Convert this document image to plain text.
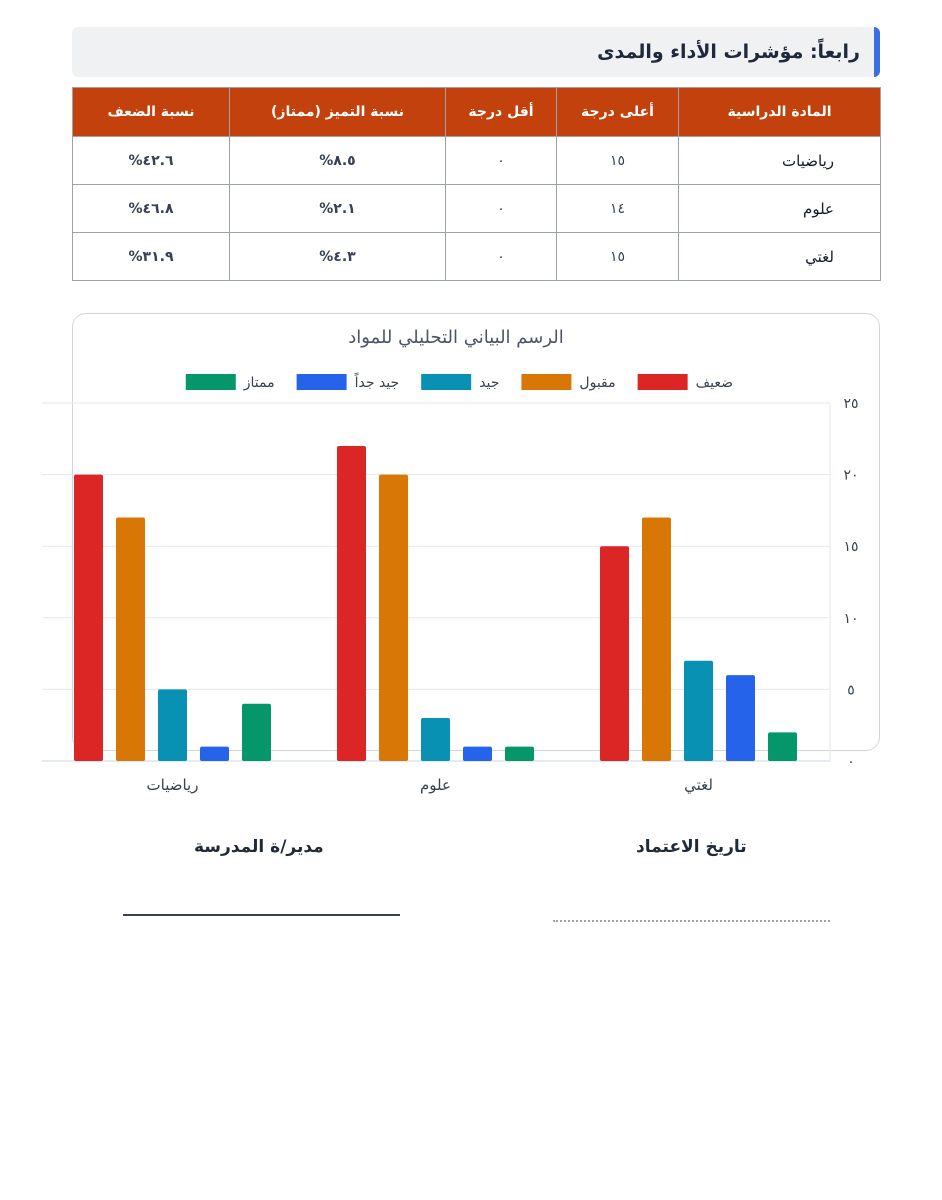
رابعاً: مؤشرات الأداء والمدى
المادة الدراسية	أعلى درجة	أقل درجة	نسبة التميز (ممتاز)	نسبة الضعف
رياضيات	١٥	٠	٨.٥%	٤٢.٦%
علوم	١٤	٠	٢.١%	٤٦.٨%
لغتي	١٥	٠	٤.٣%	٣١.٩%
الرسم البياني التحليلي للمواد
٠
٥
١٠
١٥
٢٠
٢٥
ضعيف
مقبول
جيد
جيد جداً
ممتاز
لغتي
علوم
رياضيات
مدير/ة المدرسة	تاريخ الاعتماد
